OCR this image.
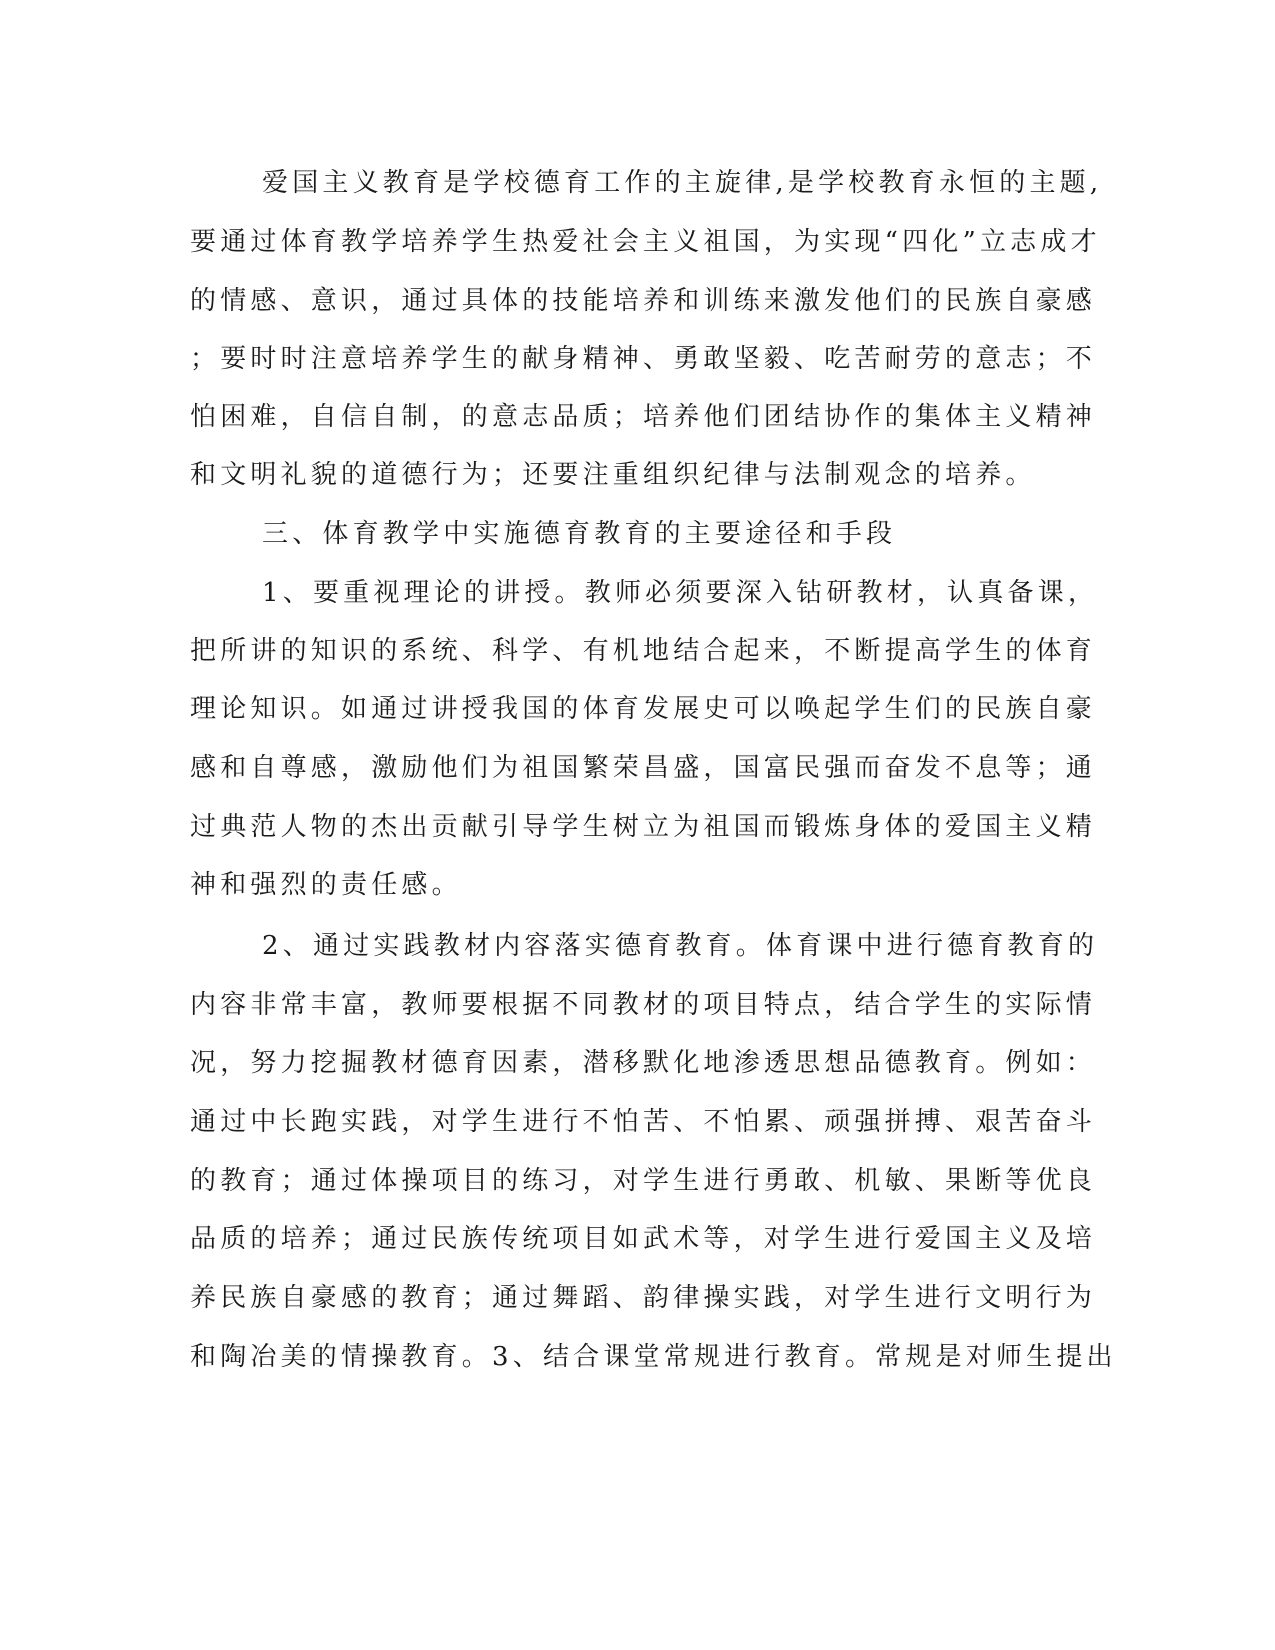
爱国主义教育是学校德育工作的主旋律,是学校教育永恒的主题,

要通过体育教学培养学生热爱社会主义祖国，为实现“四化”立志成才

的情感、意识，通过具体的技能培养和训练来激发他们的民族自豪感

；要时时注意培养学生的献身精神、勇敢坚毅、吃苦耐劳的意志；不

怕困难，自信自制，的意志品质；培养他们团结协作的集体主义精神

和文明礼貌的道德行为；还要注重组织纪律与法制观念的培养。

三、体育教学中实施德育教育的主要途径和手段

1、要重视理论的讲授。教师必须要深入钻研教材，认真备课，

把所讲的知识的系统、科学、有机地结合起来，不断提高学生的体育

理论知识。如通过讲授我国的体育发展史可以唤起学生们的民族自豪

感和自尊感，激励他们为祖国繁荣昌盛，国富民强而奋发不息等；通

过典范人物的杰出贡献引导学生树立为祖国而锻炼身体的爱国主义精

神和强烈的责任感。

2、通过实践教材内容落实德育教育。体育课中进行德育教育的

内容非常丰富，教师要根据不同教材的项目特点，结合学生的实际情

况，努力挖掘教材德育因素，潜移默化地渗透思想品德教育。例如：

通过中长跑实践，对学生进行不怕苦、不怕累、顽强拼搏、艰苦奋斗

的教育；通过体操项目的练习，对学生进行勇敢、机敏、果断等优良

品质的培养；通过民族传统项目如武术等，对学生进行爱国主义及培

养民族自豪感的教育；通过舞蹈、韵律操实践，对学生进行文明行为

和陶冶美的情操教育。3、结合课堂常规进行教育。常规是对师生提出
